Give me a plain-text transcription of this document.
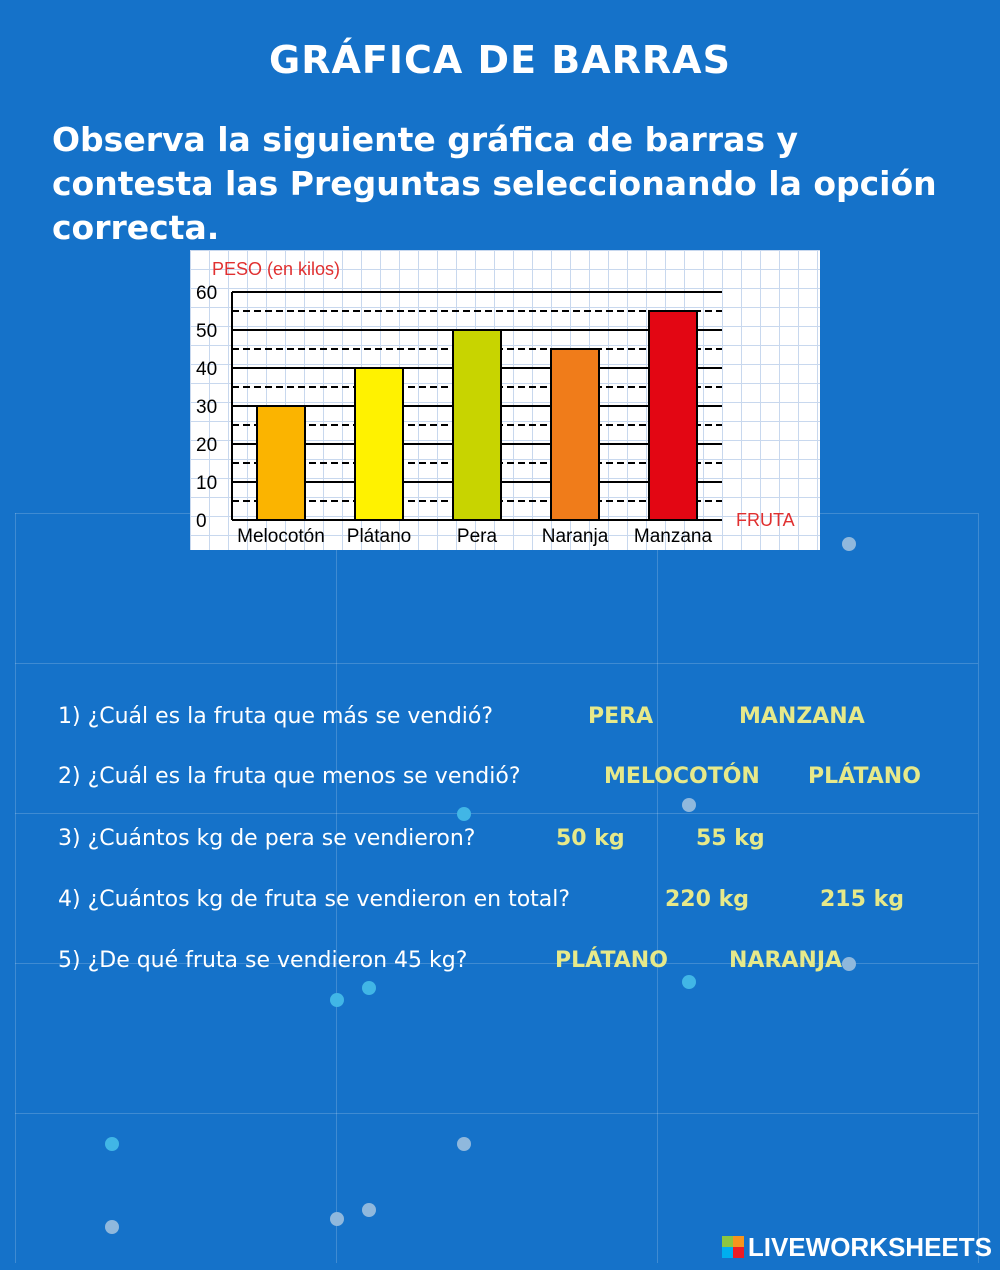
GRÁFICA DE BARRAS
Observa la siguiente gráfica de barras y contesta las Preguntas seleccionando la opción correcta.
0
10
20
30
40
50
60
Melocotón Plátano Pera Naranja Manzana
PESO (en kilos)
FRUTA
1) ¿Cuál es la fruta que más se vendió?	PERA	MANZANA
2) ¿Cuál es la fruta que menos se vendió?	MELOCOTÓN PLÁTANO
3) ¿Cuántos kg de pera se vendieron?	50 kg	55 kg
4) ¿Cuántos kg de fruta se vendieron en total?	220 kg	215 kg
5) ¿De qué fruta se vendieron 45 kg?	PLÁTANO	NARANJA
LIVEWORKSHEETS
